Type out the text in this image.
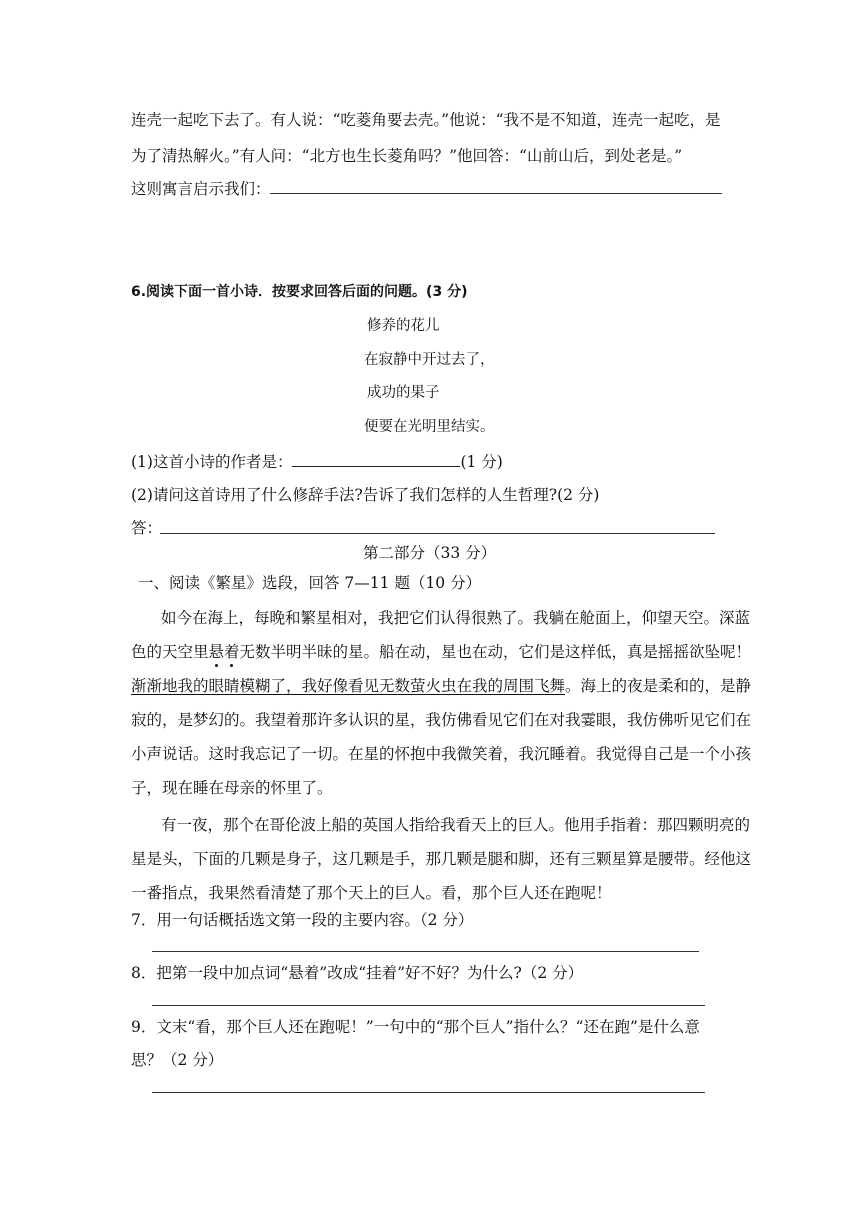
连壳一起吃下去了。有人说：“吃菱角要去壳。”他说：“我不是不知道，连壳一起吃，是
为了清热解火。”有人问：“北方也生长菱角吗？”他回答：“山前山后，到处老是。”
这则寓言启示我们：
6.阅读下面一首小诗．按要求回答后面的问题。(3 分)
修养的花儿
在寂静中开过去了，
成功的果子
便要在光明里结实。
(1)这首小诗的作者是：	(1 分)
(2)请问这首诗用了什么修辞手法?告诉了我们怎样的人生哲理?(2 分)
答：
第二部分（33 分）
一、阅读《繁星》选段，回答 7—11 题（10 分）
如今在海上，每晚和繁星相对，我把它们认得很熟了。我躺在舱面上，仰望天空。深蓝
色的天空里悬着无数半明半昧的星。船在动，星也在动，它们是这样低，真是摇摇欲坠呢！
渐渐地我的眼睛模糊了，我好像看见无数萤火虫在我的周围飞舞。海上的夜是柔和的，是静
寂的，是梦幻的。我望着那许多认识的星，我仿佛看见它们在对我霎眼，我仿佛听见它们在
小声说话。这时我忘记了一切。在星的怀抱中我微笑着，我沉睡着。我觉得自己是一个小孩
子，现在睡在母亲的怀里了。
有一夜，那个在哥伦波上船的英国人指给我看天上的巨人。他用手指着：那四颗明亮的
星是头，下面的几颗是身子，这几颗是手，那几颗是腿和脚，还有三颗星算是腰带。经他这
一番指点，我果然看清楚了那个天上的巨人。看，那个巨人还在跑呢！
7．用一句话概括选文第一段的主要内容。（2 分）
8．把第一段中加点词“悬着”改成“挂着”好不好？为什么?（2 分）
9．文末“看，那个巨人还在跑呢！”一句中的“那个巨人”指什么？“还在跑”是什么意
思？（2 分）
